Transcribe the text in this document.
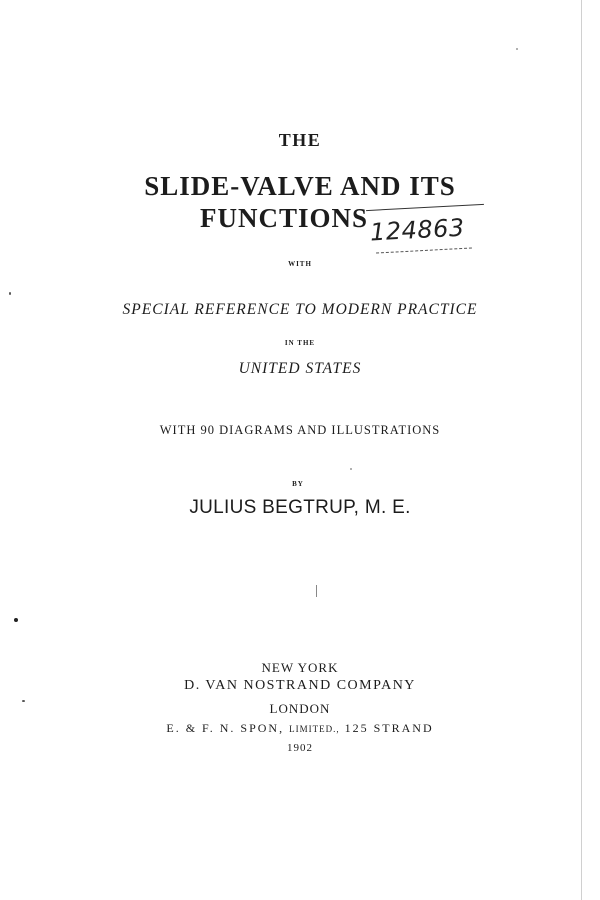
THE
SLIDE-VALVE AND ITS
FUNCTIONS 124863
WITH
SPECIAL REFERENCE TO MODERN PRACTICE
IN THE
UNITED STATES
WITH 90 DIAGRAMS AND ILLUSTRATIONS
BY
JULIUS BEGTRUP, M. E.
NEW YORK
D. VAN NOSTRAND COMPANY
LONDON
E. & F. N. SPON, LIMITED., 125 STRAND
1902
